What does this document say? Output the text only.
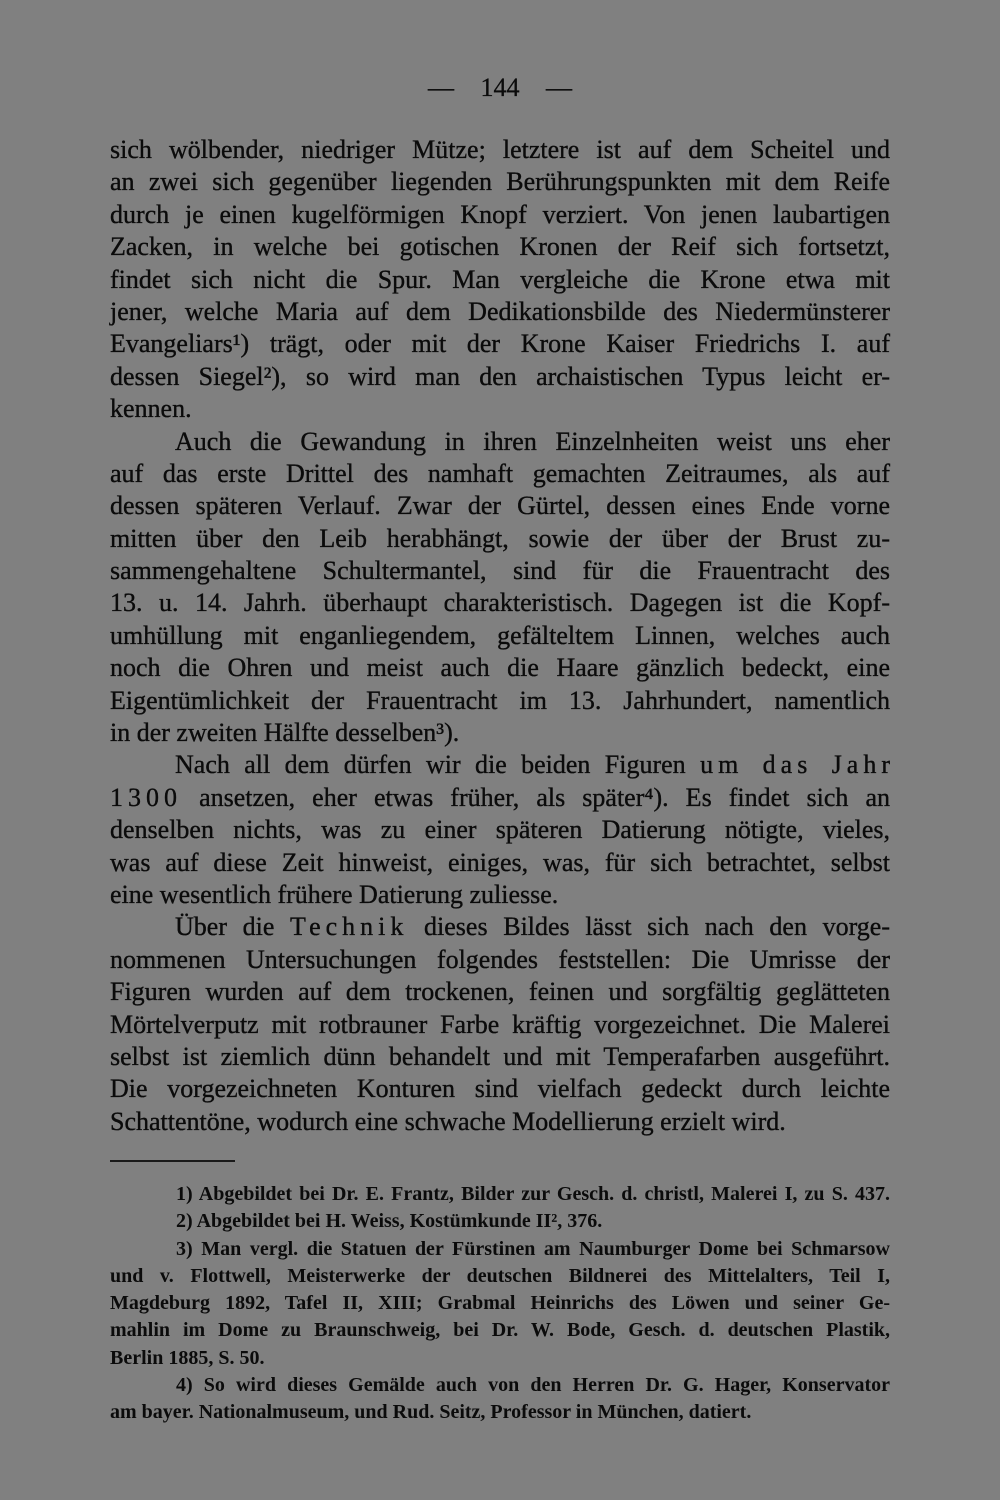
— 144 —
sich wölbender, niedriger Mütze; letztere ist auf dem Scheitel und
an zwei sich gegenüber liegenden Berührungspunkten mit dem Reife
durch je einen kugelförmigen Knopf verziert. Von jenen laubartigen
Zacken, in welche bei gotischen Kronen der Reif sich fortsetzt,
findet sich nicht die Spur. Man vergleiche die Krone etwa mit
jener, welche Maria auf dem Dedikationsbilde des Niedermünsterer
Evangeliars¹) trägt, oder mit der Krone Kaiser Friedrichs I. auf
dessen Siegel²), so wird man den archaistischen Typus leicht er-
kennen.
Auch die Gewandung in ihren Einzelnheiten weist uns eher
auf das erste Drittel des namhaft gemachten Zeitraumes, als auf
dessen späteren Verlauf. Zwar der Gürtel, dessen eines Ende vorne
mitten über den Leib herabhängt, sowie der über der Brust zu-
sammengehaltene Schultermantel, sind für die Frauentracht des
13. u. 14. Jahrh. überhaupt charakteristisch. Dagegen ist die Kopf-
umhüllung mit enganliegendem, gefälteltem Linnen, welches auch
noch die Ohren und meist auch die Haare gänzlich bedeckt, eine
Eigentümlichkeit der Frauentracht im 13. Jahrhundert, namentlich
in der zweiten Hälfte desselben³).
Nach all dem dürfen wir die beiden Figuren um das Jahr
1300 ansetzen, eher etwas früher, als später⁴). Es findet sich an
denselben nichts, was zu einer späteren Datierung nötigte, vieles,
was auf diese Zeit hinweist, einiges, was, für sich betrachtet, selbst
eine wesentlich frühere Datierung zuliesse.
Über die Technik dieses Bildes lässt sich nach den vorge-
nommenen Untersuchungen folgendes feststellen: Die Umrisse der
Figuren wurden auf dem trockenen, feinen und sorgfältig geglätteten
Mörtelverputz mit rotbrauner Farbe kräftig vorgezeichnet. Die Malerei
selbst ist ziemlich dünn behandelt und mit Temperafarben ausgeführt.
Die vorgezeichneten Konturen sind vielfach gedeckt durch leichte
Schattentöne, wodurch eine schwache Modellierung erzielt wird.
1) Abgebildet bei Dr. E. Frantz, Bilder zur Gesch. d. christl, Malerei I, zu S. 437.
2) Abgebildet bei H. Weiss, Kostümkunde II², 376.
3) Man vergl. die Statuen der Fürstinen am Naumburger Dome bei Schmarsow
und v. Flottwell, Meisterwerke der deutschen Bildnerei des Mittelalters, Teil I,
Magdeburg 1892, Tafel II, XIII; Grabmal Heinrichs des Löwen und seiner Ge-
mahlin im Dome zu Braunschweig, bei Dr. W. Bode, Gesch. d. deutschen Plastik,
Berlin 1885, S. 50.
4) So wird dieses Gemälde auch von den Herren Dr. G. Hager, Konservator
am bayer. Nationalmuseum, und Rud. Seitz, Professor in München, datiert.
